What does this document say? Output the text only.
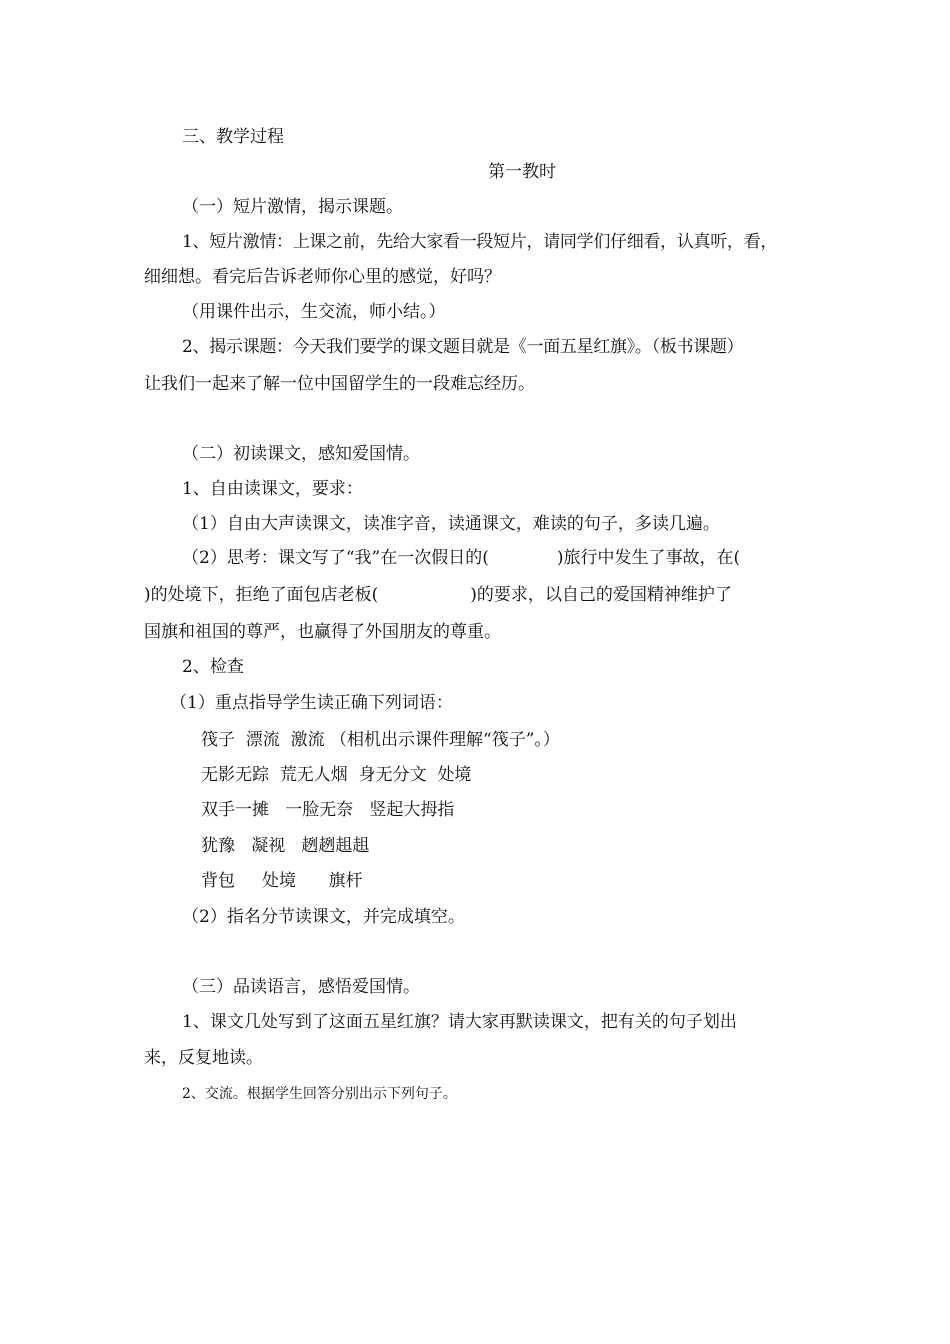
三、教学过程
第一教时
（一）短片激情，揭示课题。
1、短片激情：上课之前，先给大家看一段短片，请同学们仔细看，认真听，看，
细细想。看完后告诉老师你心里的感觉，好吗？
（用课件出示，生交流，师小结。）
2、揭示课题：今天我们要学的课文题目就是《一面五星红旗》。（板书课题）
让我们一起来了解一位中国留学生的一段难忘经历。
（二）初读课文，感知爱国情。
1、自由读课文，要求：
（1）自由大声读课文，读准字音，读通课文，难读的句子，多读几遍。
（2）思考：课文写了“我”在一次假日的(	)旅行中发生了事故，在(
)的处境下，拒绝了面包店老板(	)的要求，以自己的爱国精神维护了
国旗和祖国的尊严，也赢得了外国朋友的尊重。
2、检查
（1）重点指导学生读正确下列词语：
筏子  漂流  激流 （相机出示课件理解“筏子”。）
无影无踪  荒无人烟  身无分文  处境
双手一摊   一脸无奈   竖起大拇指
犹豫   凝视   趔趔趄趄
背包     处境      旗杆
（2）指名分节读课文，并完成填空。
（三）品读语言，感悟爱国情。
1、课文几处写到了这面五星红旗？请大家再默读课文，把有关的句子划出
来，反复地读。
2、交流。根据学生回答分别出示下列句子。
